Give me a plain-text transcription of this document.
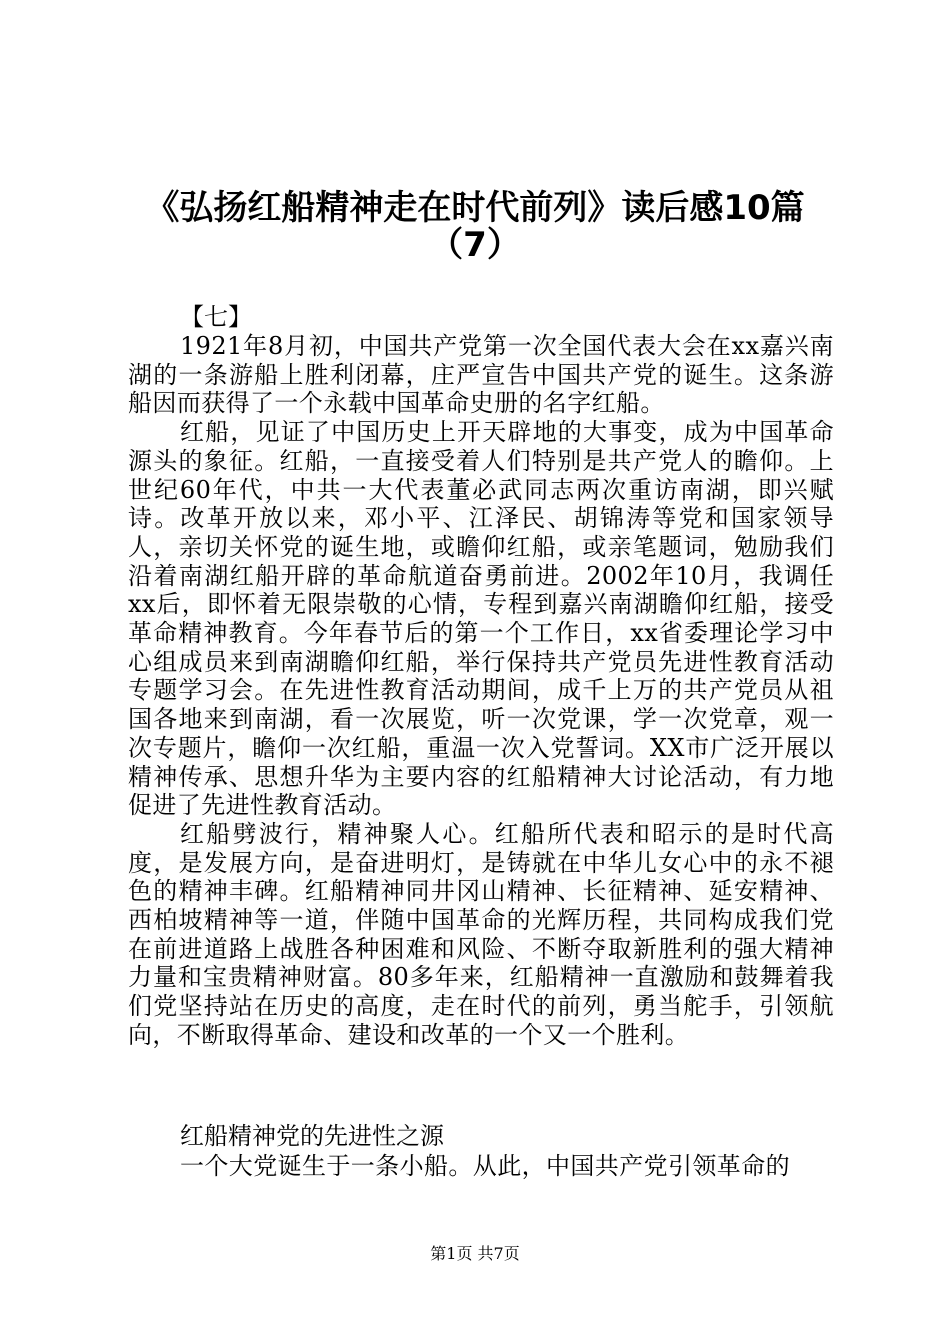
《弘扬红船精神走在时代前列》读后感10篇
（7）
【七】

1921年8月初，中国共产党第一次全国代表大会在xx嘉兴南湖的一条游船上胜利闭幕，庄严宣告中国共产党的诞生。这条游船因而获得了一个永载中国革命史册的名字红船。

红船，见证了中国历史上开天辟地的大事变，成为中国革命源头的象征。红船，一直接受着人们特别是共产党人的瞻仰。上世纪60年代，中共一大代表董必武同志两次重访南湖，即兴赋诗。改革开放以来，邓小平、江泽民、胡锦涛等党和国家领导人，亲切关怀党的诞生地，或瞻仰红船，或亲笔题词，勉励我们沿着南湖红船开辟的革命航道奋勇前进。2002年10月，我调任xx后，即怀着无限崇敬的心情，专程到嘉兴南湖瞻仰红船，接受革命精神教育。今年春节后的第一个工作日，xx省委理论学习中心组成员来到南湖瞻仰红船，举行保持共产党员先进性教育活动专题学习会。在先进性教育活动期间，成千上万的共产党员从祖国各地来到南湖，看一次展览，听一次党课，学一次党章，观一次专题片，瞻仰一次红船，重温一次入党誓词。XX市广泛开展以精神传承、思想升华为主要内容的红船精神大讨论活动，有力地促进了先进性教育活动。

红船劈波行，精神聚人心。红船所代表和昭示的是时代高度，是发展方向，是奋进明灯，是铸就在中华儿女心中的永不褪色的精神丰碑。红船精神同井冈山精神、长征精神、延安精神、西柏坡精神等一道，伴随中国革命的光辉历程，共同构成我们党在前进道路上战胜各种困难和风险、不断夺取新胜利的强大精神力量和宝贵精神财富。80多年来，红船精神一直激励和鼓舞着我们党坚持站在历史的高度，走在时代的前列，勇当舵手，引领航向，不断取得革命、建设和改革的一个又一个胜利。

红船精神党的先进性之源
一个大党诞生于一条小船。从此，中国共产党引领革命的
第1页 共7页
